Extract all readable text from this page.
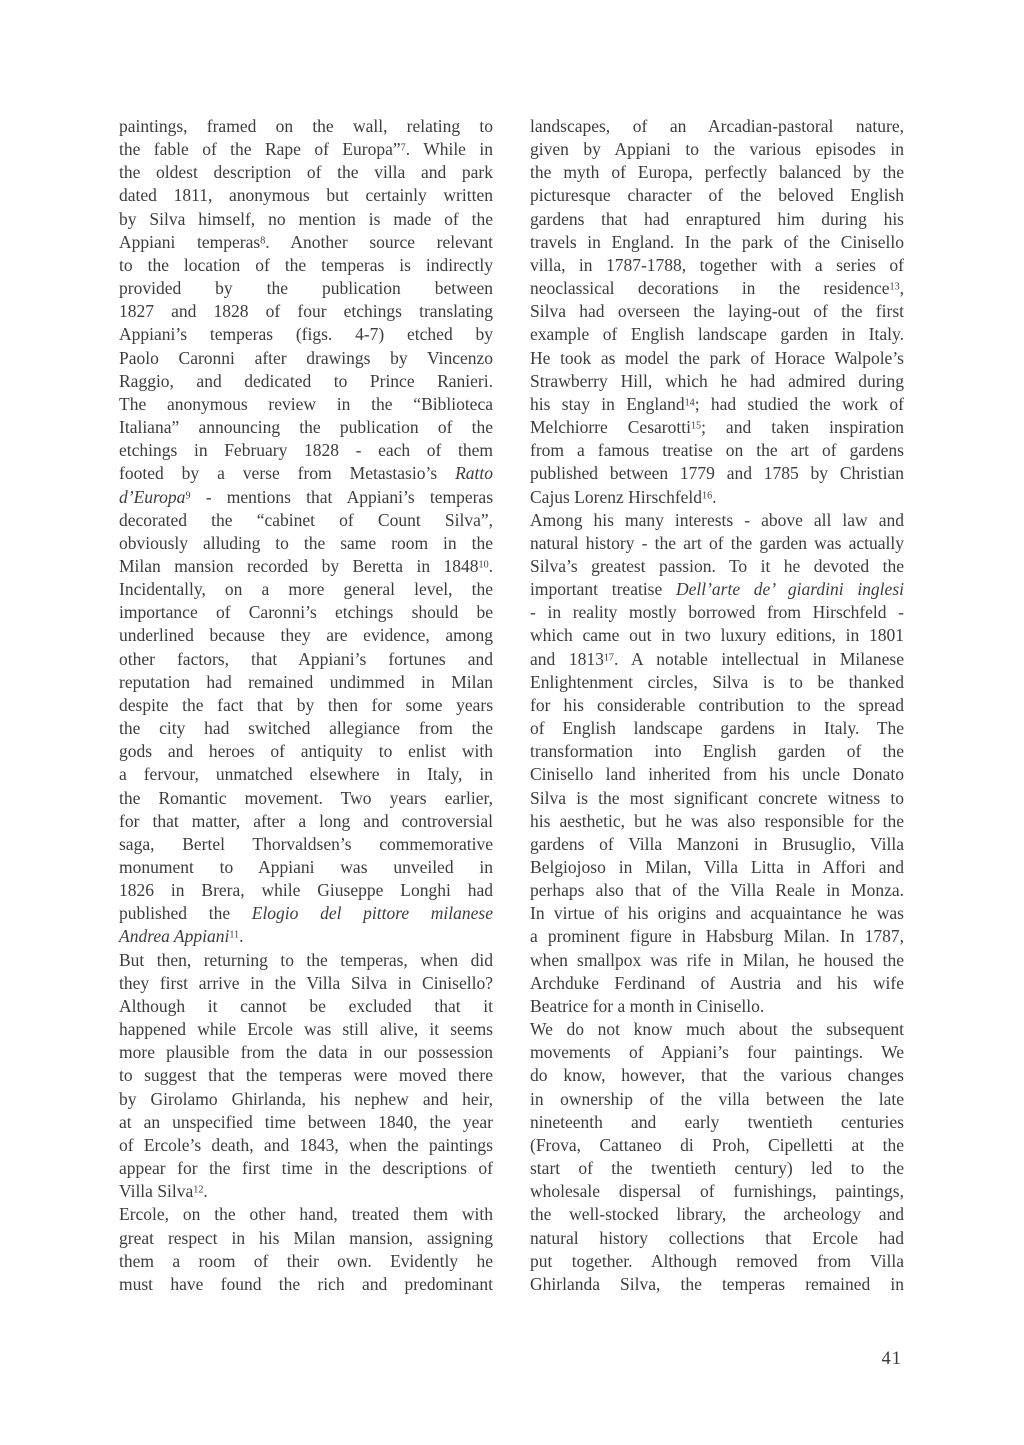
paintings, framed on the wall, relating to
the fable of the Rape of Europa”$^7$. While in
the oldest description of the villa and park
dated 1811, anonymous but certainly written
by Silva himself, no mention is made of the
Appiani temperas$^8$. Another source relevant
to the location of the temperas is indirectly
provided by the publication between
1827 and 1828 of four etchings translating
Appiani’s temperas (figs. 4-7) etched by
Paolo Caronni after drawings by Vincenzo
Raggio, and dedicated to Prince Ranieri.
The anonymous review in the “Biblioteca
Italiana” announcing the publication of the
etchings in February 1828 - each of them
footed by a verse from Metastasio’s Ratto
d’Europa$^9$ - mentions that Appiani’s temperas
decorated the “cabinet of Count Silva”,
obviously alluding to the same room in the
Milan mansion recorded by Beretta in 1848$^{10}$.
Incidentally, on a more general level, the
importance of Caronni’s etchings should be
underlined because they are evidence, among
other factors, that Appiani’s fortunes and
reputation had remained undimmed in Milan
despite the fact that by then for some years
the city had switched allegiance from the
gods and heroes of antiquity to enlist with
a fervour, unmatched elsewhere in Italy, in
the Romantic movement. Two years earlier,
for that matter, after a long and controversial
saga, Bertel Thorvaldsen’s commemorative
monument to Appiani was unveiled in
1826 in Brera, while Giuseppe Longhi had
published the Elogio del pittore milanese
Andrea Appiani$^{11}$.
But then, returning to the temperas, when did
they first arrive in the Villa Silva in Cinisello?
Although it cannot be excluded that it
happened while Ercole was still alive, it seems
more plausible from the data in our possession
to suggest that the temperas were moved there
by Girolamo Ghirlanda, his nephew and heir,
at an unspecified time between 1840, the year
of Ercole’s death, and 1843, when the paintings
appear for the first time in the descriptions of
Villa Silva$^{12}$.
Ercole, on the other hand, treated them with
great respect in his Milan mansion, assigning
them a room of their own. Evidently he
must have found the rich and predominant
landscapes, of an Arcadian-pastoral nature,
given by Appiani to the various episodes in
the myth of Europa, perfectly balanced by the
picturesque character of the beloved English
gardens that had enraptured him during his
travels in England. In the park of the Cinisello
villa, in 1787-1788, together with a series of
neoclassical decorations in the residence$^{13}$,
Silva had overseen the laying-out of the first
example of English landscape garden in Italy.
He took as model the park of Horace Walpole’s
Strawberry Hill, which he had admired during
his stay in England$^{14}$; had studied the work of
Melchiorre Cesarotti$^{15}$; and taken inspiration
from a famous treatise on the art of gardens
published between 1779 and 1785 by Christian
Cajus Lorenz Hirschfeld$^{16}$.
Among his many interests - above all law and
natural history - the art of the garden was actually
Silva’s greatest passion. To it he devoted the
important treatise Dell’arte de’ giardini inglesi
- in reality mostly borrowed from Hirschfeld -
which came out in two luxury editions, in 1801
and 1813$^{17}$. A notable intellectual in Milanese
Enlightenment circles, Silva is to be thanked
for his considerable contribution to the spread
of English landscape gardens in Italy. The
transformation into English garden of the
Cinisello land inherited from his uncle Donato
Silva is the most significant concrete witness to
his aesthetic, but he was also responsible for the
gardens of Villa Manzoni in Brusuglio, Villa
Belgiojoso in Milan, Villa Litta in Affori and
perhaps also that of the Villa Reale in Monza.
In virtue of his origins and acquaintance he was
a prominent figure in Habsburg Milan. In 1787,
when smallpox was rife in Milan, he housed the
Archduke Ferdinand of Austria and his wife
Beatrice for a month in Cinisello.
We do not know much about the subsequent
movements of Appiani’s four paintings. We
do know, however, that the various changes
in ownership of the villa between the late
nineteenth and early twentieth centuries
(Frova, Cattaneo di Proh, Cipelletti at the
start of the twentieth century) led to the
wholesale dispersal of furnishings, paintings,
the well-stocked library, the archeology and
natural history collections that Ercole had
put together. Although removed from Villa
Ghirlanda Silva, the temperas remained in
41
